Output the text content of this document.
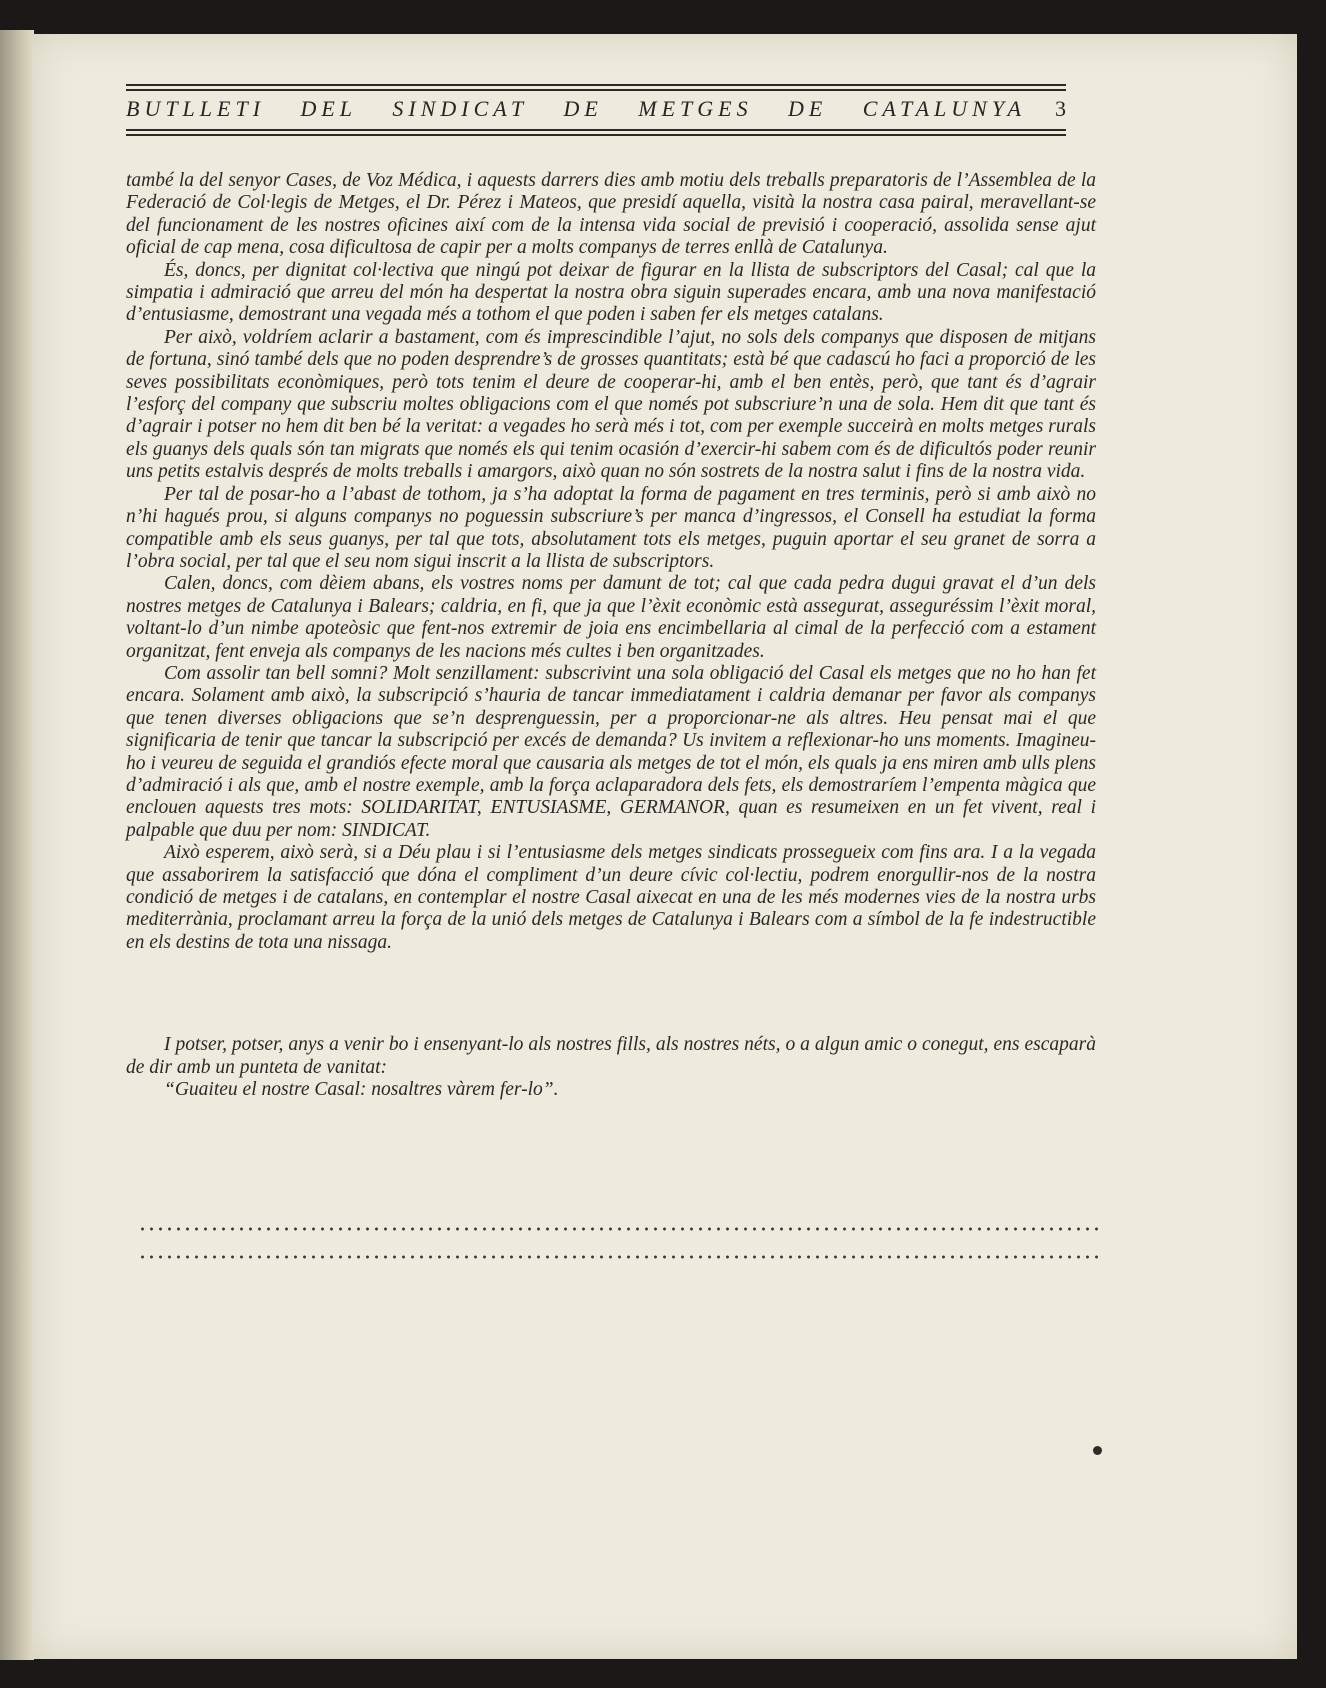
BUTLLETI DEL SINDICAT DE METGES DE CATALUNYA 3

també la del senyor Cases, de Voz Médica, i aquests darrers dies amb motiu dels treballs preparatoris de l’Assemblea de la Federació de Col·legis de Metges, el Dr. Pérez i Mateos, que presidí aquella, visità la nostra casa pairal, meravellant-se del funcionament de les nostres oficines així com de la intensa vida social de previsió i cooperació, assolida sense ajut oficial de cap mena, cosa dificultosa de capir per a molts companys de terres enllà de Catalunya.

És, doncs, per dignitat col·lectiva que ningú pot deixar de figurar en la llista de subscriptors del Casal; cal que la simpatia i admiració que arreu del món ha despertat la nostra obra siguin superades encara, amb una nova manifestació d’entusiasme, demostrant una vegada més a tothom el que poden i saben fer els metges catalans.

Per això, voldríem aclarir a bastament, com és imprescindible l’ajut, no sols dels companys que disposen de mitjans de fortuna, sinó també dels que no poden desprendre’s de grosses quantitats; està bé que cadascú ho faci a proporció de les seves possibilitats econòmiques, però tots tenim el deure de cooperar-hi, amb el ben entès, però, que tant és d’agrair l’esforç del company que subscriu moltes obligacions com el que només pot subscriure’n una de sola. Hem dit que tant és d’agrair i potser no hem dit ben bé la veritat: a vegades ho serà més i tot, com per exemple succeirà en molts metges rurals els guanys dels quals són tan migrats que només els qui tenim ocasión d’exercir-hi sabem com és de dificultós poder reunir uns petits estalvis després de molts treballs i amargors, això quan no són sostrets de la nostra salut i fins de la nostra vida.

Per tal de posar-ho a l’abast de tothom, ja s’ha adoptat la forma de pagament en tres terminis, però si amb això no n’hi hagués prou, si alguns companys no poguessin subscriure’s per manca d’ingressos, el Consell ha estudiat la forma compatible amb els seus guanys, per tal que tots, absolutament tots els metges, puguin aportar el seu granet de sorra a l’obra social, per tal que el seu nom sigui inscrit a la llista de subscriptors.

Calen, doncs, com dèiem abans, els vostres noms per damunt de tot; cal que cada pedra dugui gravat el d’un dels nostres metges de Catalunya i Balears; caldria, en fi, que ja que l’èxit econòmic està assegurat, asseguréssim l’èxit moral, voltant-lo d’un nimbe apoteòsic que fent-nos extremir de joia ens encimbellaria al cimal de la perfecció com a estament organitzat, fent enveja als companys de les nacions més cultes i ben organitzades.

Com assolir tan bell somni? Molt senzillament: subscrivint una sola obligació del Casal els metges que no ho han fet encara. Solament amb això, la subscripció s’hauria de tancar immediatament i caldria demanar per favor als companys que tenen diverses obligacions que se’n desprenguessin, per a proporcionar-ne als altres. Heu pensat mai el que significaria de tenir que tancar la subscripció per excés de demanda? Us invitem a reflexionar-ho uns moments. Imagineu-ho i veureu de seguida el grandiós efecte moral que causaria als metges de tot el món, els quals ja ens miren amb ulls plens d’admiració i als que, amb el nostre exemple, amb la força aclaparadora dels fets, els demostraríem l’empenta màgica que enclouen aquests tres mots: SOLIDARITAT, ENTUSIASME, GERMANOR, quan es resumeixen en un fet vivent, real i palpable que duu per nom: SINDICAT.

Això esperem, això serà, si a Déu plau i si l’entusiasme dels metges sindicats prossegueix com fins ara. I a la vegada que assaborirem la satisfacció que dóna el compliment d’un deure cívic col·lectiu, podrem enorgullir-nos de la nostra condició de metges i de catalans, en contemplar el nostre Casal aixecat en una de les més modernes vies de la nostra urbs mediterrània, proclamant arreu la força de la unió dels metges de Catalunya i Balears com a símbol de la fe indestructible en els destins de tota una nissaga.

I potser, potser, anys a venir bo i ensenyant-lo als nostres fills, als nostres néts, o a algun amic o conegut, ens escaparà de dir amb un punteta de vanitat:

“Guaiteu el nostre Casal: nosaltres vàrem fer-lo”.
